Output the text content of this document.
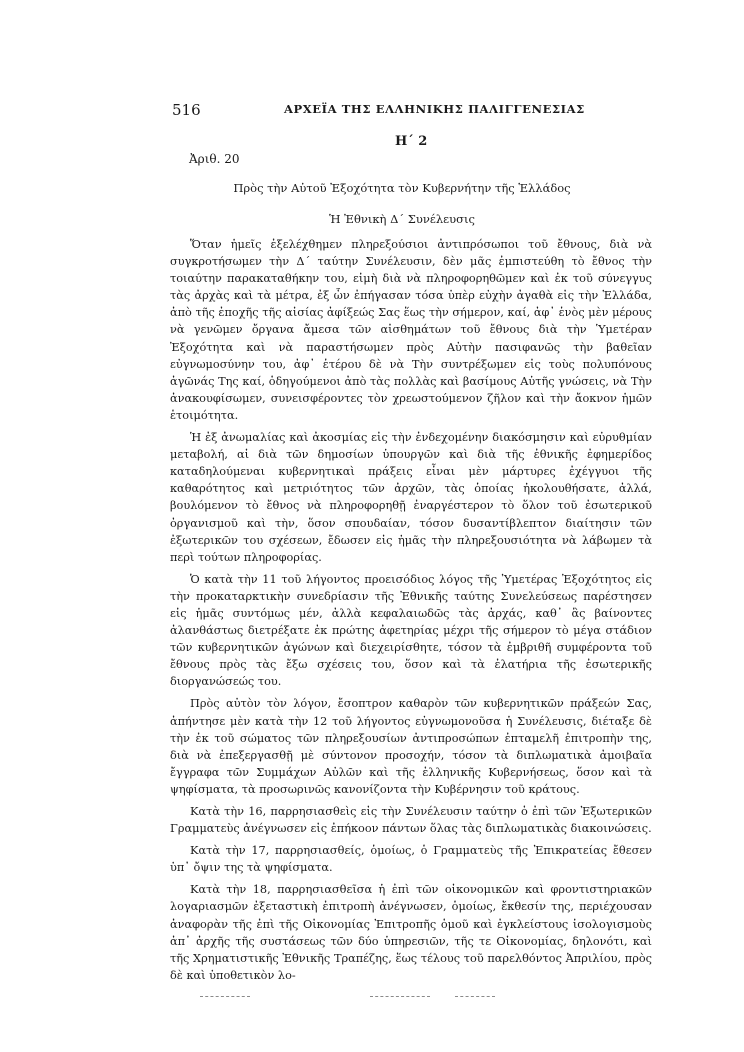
516	ΑΡΧΕΪΑ ΤΗΣ ΕΛΛΗΝΙΚΗΣ ΠΑΛΙΓΓΕΝΕΣΙΑΣ
Η΄ 2
Ἀριθ. 20
Πρὸς τὴν Αὐτοῦ Ἐξοχότητα τὸν Κυβερνήτην τῆς Ἑλλάδος
Ἡ Ἐθνικὴ Δ΄ Συνέλευσις

Ὅταν ἡμεῖς ἐξελέχθημεν πληρεξούσιοι ἀντιπρόσωποι τοῦ ἔθνους, διὰ νὰ συγκροτήσωμεν τὴν Δ΄ ταύτην Συνέλευσιν, δὲν μᾶς ἐμπιστεύθη τὸ ἔθνος τὴν τοιαύτην παρακαταθήκην του, εἰμὴ διὰ νὰ πληροφορηθῶμεν καὶ ἐκ τοῦ σύνεγγυς τὰς ἀρχὰς καὶ τὰ μέτρα, ἐξ ὧν ἐπήγασαν τόσα ὑπὲρ εὐχὴν ἀγαθὰ εἰς τὴν Ἑλλάδα, ἀπὸ τῆς ἐποχῆς τῆς αἰσίας ἀφίξεώς Σας ἕως τὴν σήμερον, καί, ἀφ᾿ ἑνὸς μὲν μέρους νὰ γενῶμεν ὄργανα ἄμεσα τῶν αἰσθημάτων τοῦ ἔθνους διὰ τὴν Ὑμετέραν Ἐξοχότητα καὶ νὰ παραστήσωμεν πρὸς Αὐτὴν πασιφανῶς τὴν βαθεῖαν εὐγνωμοσύνην του, ἀφ᾿ ἑτέρου δὲ νὰ Τὴν συντρέξωμεν εἰς τοὺς πολυπόνους ἀγῶνάς Της καί, ὁδηγούμενοι ἀπὸ τὰς πολλὰς καὶ βασίμους Αὐτῆς γνώσεις, νὰ Τὴν ἀνακουφίσωμεν, συνεισφέροντες τὸν χρεωστούμενον ζῆλον καὶ τὴν ἄοκνον ἡμῶν ἑτοιμότητα.

Ἡ ἐξ ἀνωμαλίας καὶ ἀκοσμίας εἰς τὴν ἐνδεχομένην διακόσμησιν καὶ εὐρυθμίαν μεταβολή, αἱ διὰ τῶν δημοσίων ὑπουργῶν καὶ διὰ τῆς ἐθνικῆς ἐφημερίδος καταδηλούμεναι κυβερνητικαὶ πράξεις εἶναι μὲν μάρτυρες ἐχέγγυοι τῆς καθαρότητος καὶ μετριότητος τῶν ἀρχῶν, τὰς ὁποίας ἠκολουθήσατε, ἀλλά, βουλόμενον τὸ ἔθνος νὰ πληροφορηθῇ ἐναργέστερον τὸ ὅλον τοῦ ἐσωτερικοῦ ὀργανισμοῦ καὶ τὴν, ὅσον σπουδαίαν, τόσον δυσαντίβλεπτον διαίτησιν τῶν ἐξωτερικῶν του σχέσεων, ἔδωσεν εἰς ἡμᾶς τὴν πληρεξουσιότητα νὰ λάβωμεν τὰ περὶ τούτων πληροφορίας.

Ὁ κατὰ τὴν 11 τοῦ λήγοντος προεισόδιος λόγος τῆς Ὑμετέρας Ἐξοχότητος εἰς τὴν προκαταρκτικὴν συνεδρίασιν τῆς Ἐθνικῆς ταύτης Συνελεύσεως παρέστησεν εἰς ἡμᾶς συντόμως μέν, ἀλλὰ κεφαλαιωδῶς τὰς ἀρχάς, καθ᾿ ἃς βαίνοντες ἀλανθάστως διετρέξατε ἐκ πρώτης ἀφετηρίας μέχρι τῆς σήμερον τὸ μέγα στάδιον τῶν κυβερνητικῶν ἀγώνων καὶ διεχειρίσθητε, τόσον τὰ ἐμβριθῆ συμφέροντα τοῦ ἔθνους πρὸς τὰς ἔξω σχέσεις του, ὅσον καὶ τὰ ἐλατήρια τῆς ἐσωτερικῆς διοργανώσεώς του.

Πρὸς αὐτὸν τὸν λόγον, ἔσοπτρον καθαρὸν τῶν κυβερνητικῶν πράξεών Σας, ἀπήντησε μὲν κατὰ τὴν 12 τοῦ λήγοντος εὐγνωμονοῦσα ἡ Συνέλευσις, διέταξε δὲ τὴν ἐκ τοῦ σώματος τῶν πληρεξουσίων ἀντιπροσώπων ἐπταμελῆ ἐπιτροπὴν της, διὰ νὰ ἐπεξεργασθῇ μὲ σύντονον προσοχήν, τόσον τὰ διπλωματικὰ ἀμοιβαῖα ἔγγραφα τῶν Συμμάχων Αὐλῶν καὶ τῆς ἑλληνικῆς Κυβερνήσεως, ὅσον καὶ τὰ ψηφίσματα, τὰ προσωρινῶς κανονίζοντα τὴν Κυβέρνησιν τοῦ κράτους.

Κατὰ τὴν 16, παρρησιασθεὶς εἰς τὴν Συνέλευσιν ταύτην ὁ ἐπὶ τῶν Ἐξωτερικῶν Γραμματεὺς ἀνέγνωσεν εἰς ἐπήκοον πάντων ὅλας τὰς διπλωματικὰς διακοινώσεις.

Κατὰ τὴν 17, παρρησιασθείς, ὁμοίως, ὁ Γραμματεὺς τῆς Ἐπικρατείας ἔθεσεν ὑπ᾿ ὄψιν της τὰ ψηφίσματα.

Κατὰ τὴν 18, παρρησιασθεῖσα ἡ ἐπὶ τῶν οἰκονομικῶν καὶ φροντιστηριακῶν λογαριασμῶν ἐξεταστικὴ ἐπιτροπὴ ἀνέγνωσεν, ὁμοίως, ἔκθεσίν της, περιέχουσαν ἀναφορὰν τῆς ἐπὶ τῆς Οἰκονομίας Ἐπιτροπῆς ὁμοῦ καὶ ἐγκλείστους ἰσολογισμοὺς ἀπ᾿ ἀρχῆς τῆς συστάσεως τῶν δύο ὑπηρεσιῶν, τῆς τε Οἰκονομίας, δηλονότι, καὶ τῆς Χρηματιστικῆς Ἐθνικῆς Τραπέζης, ἕως τέλους τοῦ παρελθόντος Ἀπριλίου, πρὸς δὲ καὶ ὑποθετικὸν λο-
